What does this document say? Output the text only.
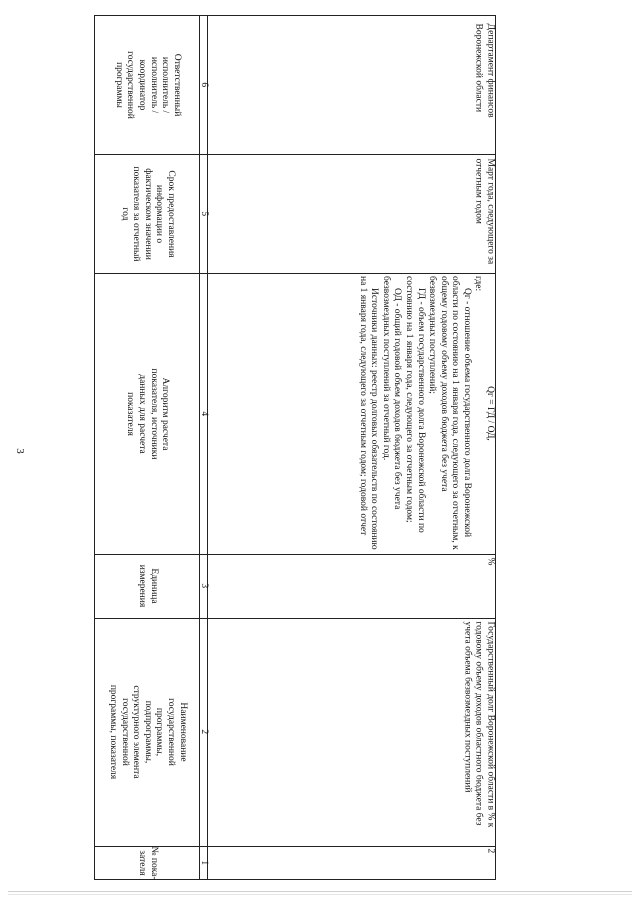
3
Ответственный исполнитель / исполнитель / координатор государственной программы
Срок предоставления информации о фактическом значении показателя за отчетный год
Алгоритм расчета показателя, источники данных для расчета показателя
Единица измерения
Наименование государственной программы, подпрограммы, структурного элемента государственной программы, показателя
№ пока-
зателя
6
5
4
3
2
1
Департамент финансов Воронежской области
Март года, следующего за отчетным годом

Qг = ГД / ОД,

где:

Qг - отношение объема государственного долга Воронежской области по состоянию на 1 января года, следующего за отчетным, к общему годовому объему доходов бюджета без учета безвозмездных поступлений;

ГД - объем государственного долга Воронежской области по состоянию на 1 января года, следующего за отчетным годом;

ОД - общий годовой объем доходов бюджета без учета безвозмездных поступлений за отчетный год.

Источники данных: реестр долговых обязательств по состоянию на 1 января года, следующего за отчетным годом; годовой отчет

%
Государственный долг Воронежской области в % к годовому объему доходов областного бюджета без учета объема безвозмездных поступлений
2
